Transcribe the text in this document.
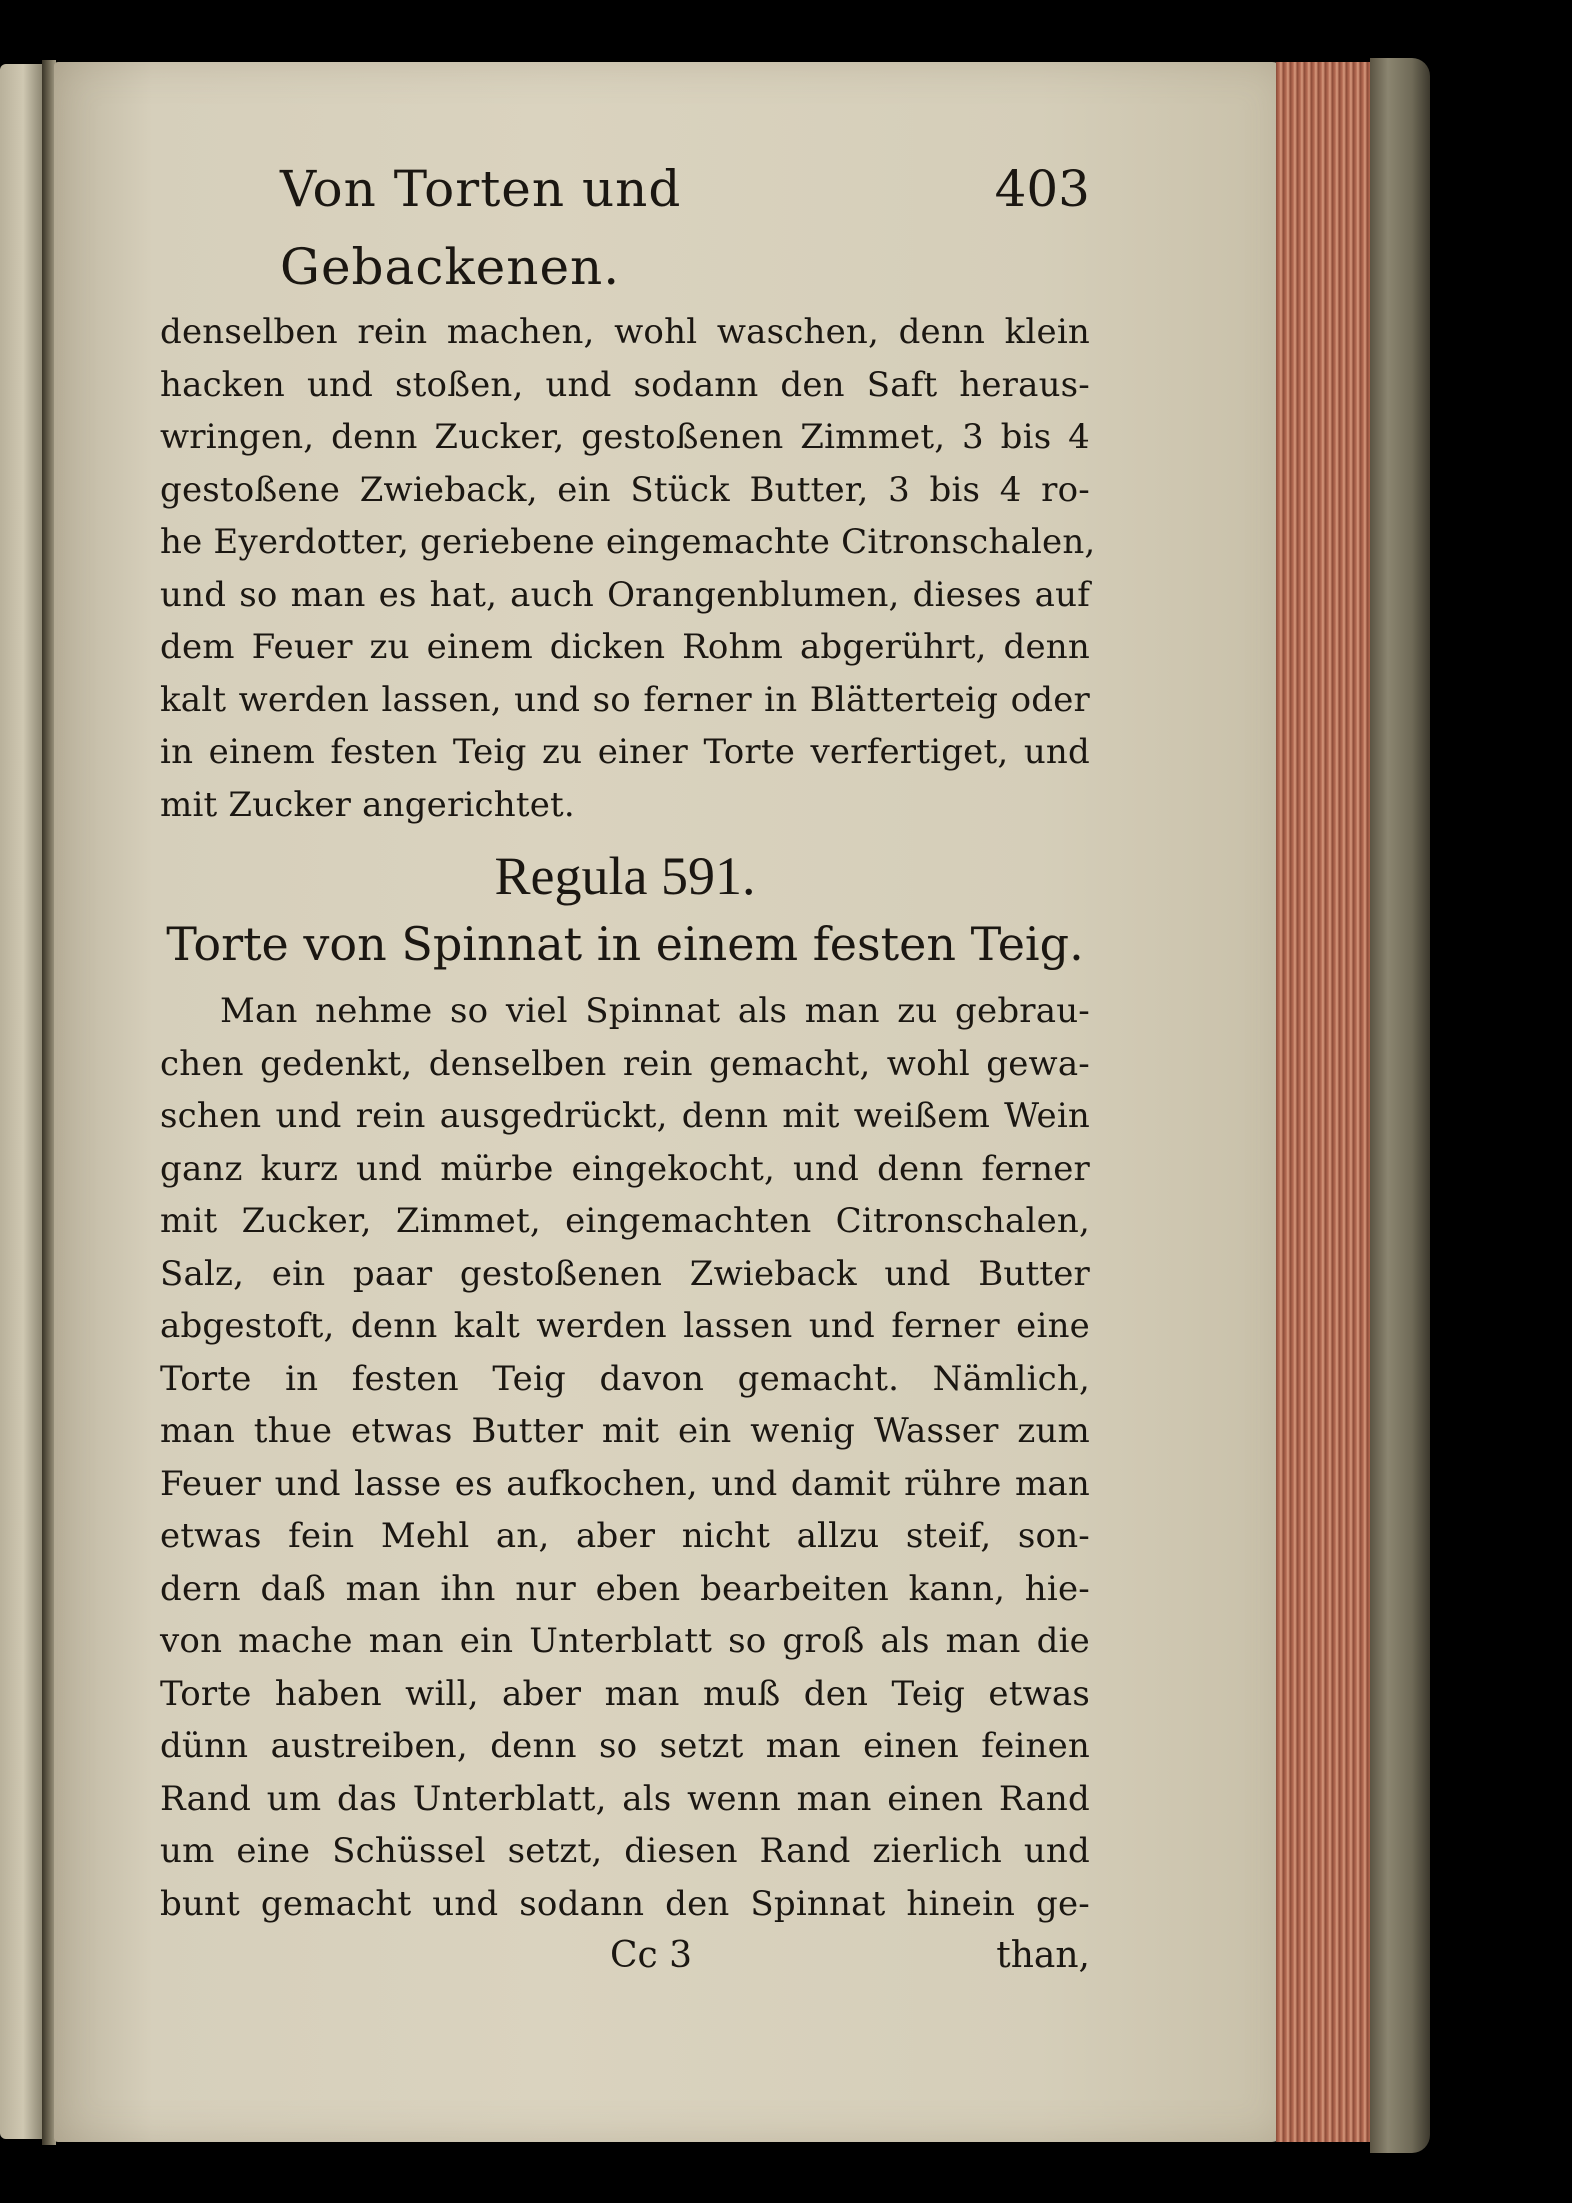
Von Torten und Gebackenen.
403
denselben rein machen, wohl waschen, denn klein
hacken und stoßen, und sodann den Saft heraus-
wringen, denn Zucker, gestoßenen Zimmet, 3 bis 4
gestoßene Zwieback, ein Stück Butter, 3 bis 4 ro-
he Eyerdotter, geriebene eingemachte Citronschalen,
und so man es hat, auch Orangenblumen, dieses auf
dem Feuer zu einem dicken Rohm abgerührt, denn
kalt werden lassen, und so ferner in Blätterteig oder
in einem festen Teig zu einer Torte verfertiget, und
mit Zucker angerichtet.
Regula 591.
Torte von Spinnat in einem festen Teig.
Man nehme so viel Spinnat als man zu gebrau-
chen gedenkt, denselben rein gemacht, wohl gewa-
schen und rein ausgedrückt, denn mit weißem Wein
ganz kurz und mürbe eingekocht, und denn ferner
mit Zucker, Zimmet, eingemachten Citronschalen,
Salz, ein paar gestoßenen Zwieback und Butter
abgestoft, denn kalt werden lassen und ferner eine
Torte in festen Teig davon gemacht. Nämlich,
man thue etwas Butter mit ein wenig Wasser zum
Feuer und lasse es aufkochen, und damit rühre man
etwas fein Mehl an, aber nicht allzu steif, son-
dern daß man ihn nur eben bearbeiten kann, hie-
von mache man ein Unterblatt so groß als man die
Torte haben will, aber man muß den Teig etwas
dünn austreiben, denn so setzt man einen feinen
Rand um das Unterblatt, als wenn man einen Rand
um eine Schüssel setzt, diesen Rand zierlich und
bunt gemacht und sodann den Spinnat hinein ge-
Cc 3	than,
